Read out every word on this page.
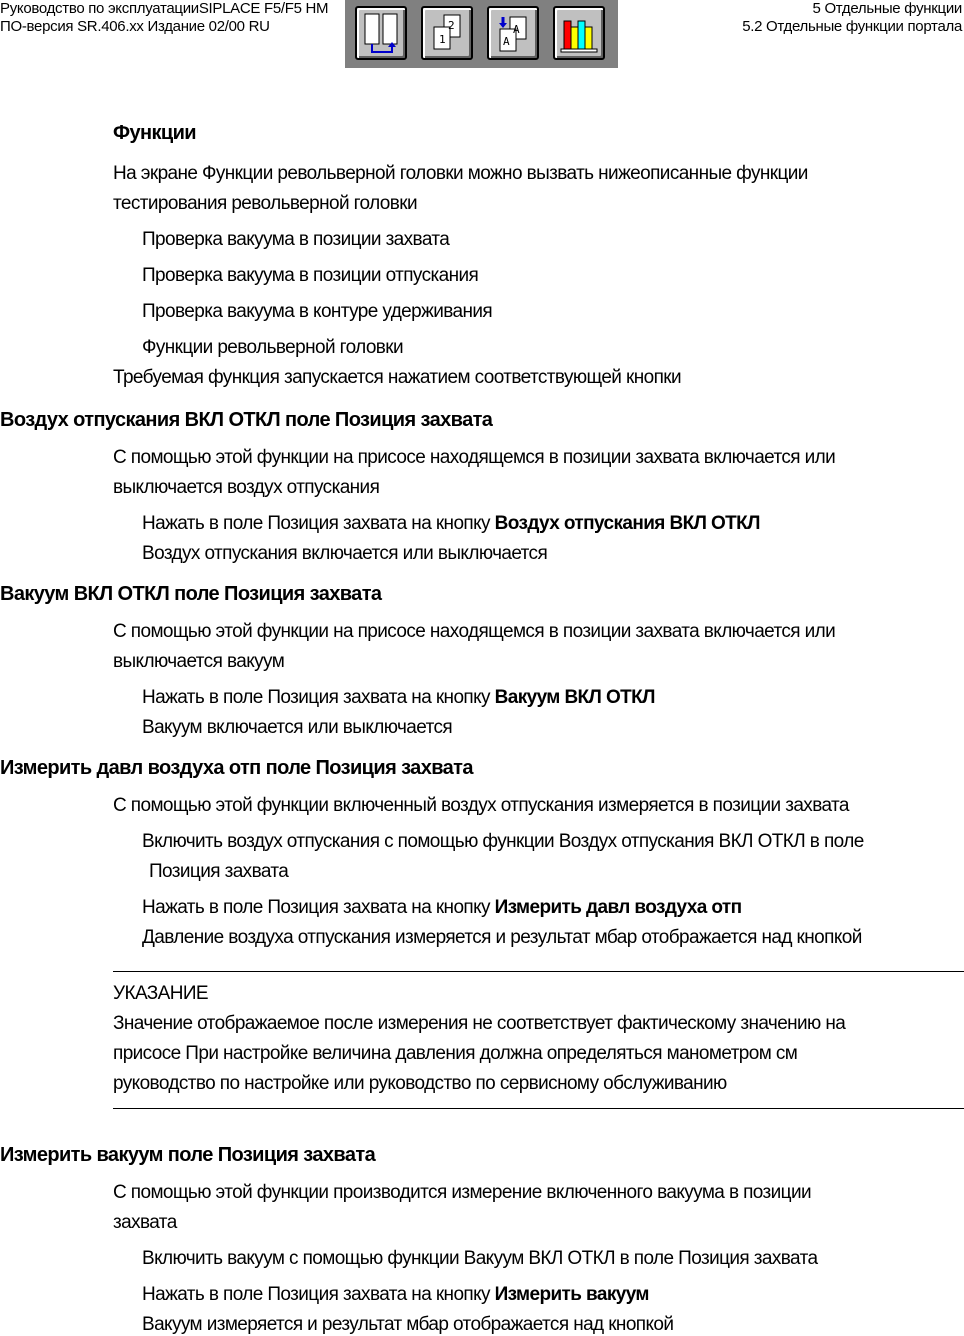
Руководство по эксплуатацииSIPLACE F5/F5 HM
ПО-версия SR.406.xx Издание 02/00 RU
5 Отдельные функции
5.2 Отдельные функции портала
2
1
A
A
Функции
На экране Функции револьверной головки можно вызвать нижеописанные функции
тестирования револьверной головки
Проверка вакуума в позиции захвата
Проверка вакуума в позиции отпускания
Проверка вакуума в контуре удерживания
Функции револьверной головки
Требуемая функция запускается нажатием соответствующей кнопки
Воздух отпускания ВКЛ ОТКЛ поле Позиция захвата
С помощью этой функции на присосе находящемся в позиции захвата включается или
выключается воздух отпускания
Нажать в поле Позиция захвата на кнопку Воздух отпускания ВКЛ ОТКЛ
Воздух отпускания включается или выключается
Вакуум ВКЛ ОТКЛ поле Позиция захвата
С помощью этой функции на присосе находящемся в позиции захвата включается или
выключается вакуум
Нажать в поле Позиция захвата на кнопку Вакуум ВКЛ ОТКЛ
Вакуум включается или выключается
Измерить давл воздуха отп поле Позиция захвата
С помощью этой функции включенный воздух отпускания измеряется в позиции захвата
Включить воздух отпускания с помощью функции Воздух отпускания ВКЛ ОТКЛ в поле
Позиция захвата
Нажать в поле Позиция захвата на кнопку Измерить давл воздуха отп
Давление воздуха отпускания измеряется и результат мбар отображается над кнопкой
УКАЗАНИЕ
Значение отображаемое после измерения не соответствует фактическому значению на
присосе При настройке величина давления должна определяться манометром см
руководство по настройке или руководство по сервисному обслуживанию
Измерить вакуум поле Позиция захвата
С помощью этой функции производится измерение включенного вакуума в позиции
захвата
Включить вакуум с помощью функции Вакуум ВКЛ ОТКЛ в поле Позиция захвата
Нажать в поле Позиция захвата на кнопку Измерить вакуум
Вакуум измеряется и результат мбар отображается над кнопкой
